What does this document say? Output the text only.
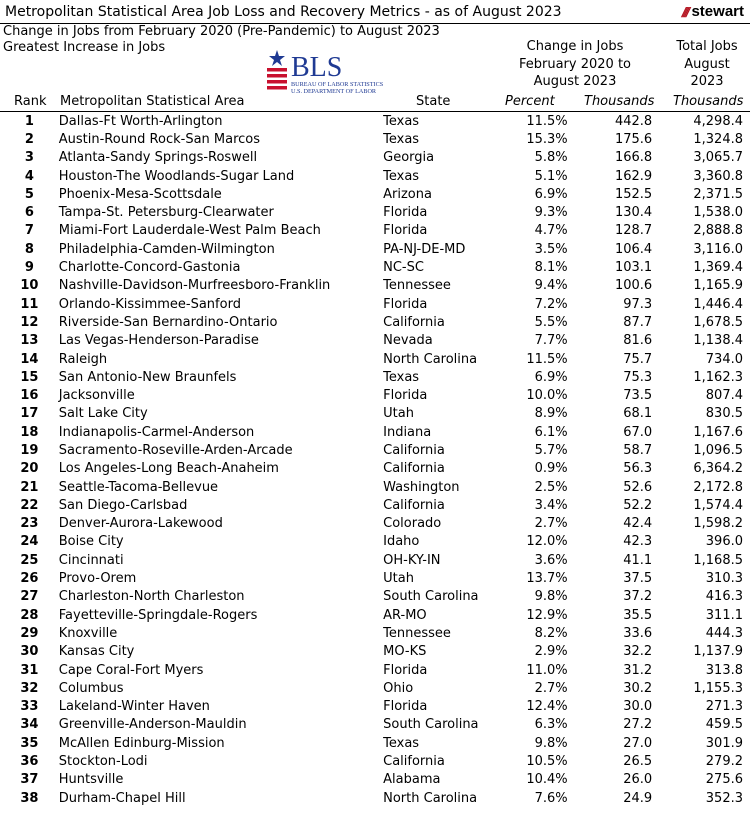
Metropolitan Statistical Area Job Loss and Recovery Metrics - as of August 2023	//// stewart
Change in Jobs from February 2020 (Pre-Pandemic) to August 2023
Greatest Increase in Jobs	Change in Jobs
February 2020 to
August 2023
Total Jobs
August
2023
BLS
BUREAU OF LABOR STATISTICS
U.S. DEPARTMENT OF LABOR
Rank Metropolitan Statistical Area	State	Percent Thousands Thousands
1	Dallas-Ft Worth-Arlington	Texas	11.5%	442.8	4,298.4
2	Austin-Round Rock-San Marcos	Texas	15.3%	175.6	1,324.8
3	Atlanta-Sandy Springs-Roswell	Georgia	5.8%	166.8	3,065.7
4	Houston-The Woodlands-Sugar Land	Texas	5.1%	162.9	3,360.8
5	Phoenix-Mesa-Scottsdale	Arizona	6.9%	152.5	2,371.5
6	Tampa-St. Petersburg-Clearwater	Florida	9.3%	130.4	1,538.0
7	Miami-Fort Lauderdale-West Palm Beach	Florida	4.7%	128.7	2,888.8
8	Philadelphia-Camden-Wilmington	PA-NJ-DE-MD	3.5%	106.4	3,116.0
9	Charlotte-Concord-Gastonia	NC-SC	8.1%	103.1	1,369.4
10	Nashville-Davidson-Murfreesboro-Franklin	Tennessee	9.4%	100.6	1,165.9
11	Orlando-Kissimmee-Sanford	Florida	7.2%	97.3	1,446.4
12	Riverside-San Bernardino-Ontario	California	5.5%	87.7	1,678.5
13	Las Vegas-Henderson-Paradise	Nevada	7.7%	81.6	1,138.4
14	Raleigh	North Carolina	11.5%	75.7	734.0
15	San Antonio-New Braunfels	Texas	6.9%	75.3	1,162.3
16	Jacksonville	Florida	10.0%	73.5	807.4
17	Salt Lake City	Utah	8.9%	68.1	830.5
18	Indianapolis-Carmel-Anderson	Indiana	6.1%	67.0	1,167.6
19	Sacramento-Roseville-Arden-Arcade	California	5.7%	58.7	1,096.5
20	Los Angeles-Long Beach-Anaheim	California	0.9%	56.3	6,364.2
21	Seattle-Tacoma-Bellevue	Washington	2.5%	52.6	2,172.8
22	San Diego-Carlsbad	California	3.4%	52.2	1,574.4
23	Denver-Aurora-Lakewood	Colorado	2.7%	42.4	1,598.2
24	Boise City	Idaho	12.0%	42.3	396.0
25	Cincinnati	OH-KY-IN	3.6%	41.1	1,168.5
26	Provo-Orem	Utah	13.7%	37.5	310.3
27	Charleston-North Charleston	South Carolina	9.8%	37.2	416.3
28	Fayetteville-Springdale-Rogers	AR-MO	12.9%	35.5	311.1
29	Knoxville	Tennessee	8.2%	33.6	444.3
30	Kansas City	MO-KS	2.9%	32.2	1,137.9
31	Cape Coral-Fort Myers	Florida	11.0%	31.2	313.8
32	Columbus	Ohio	2.7%	30.2	1,155.3
33	Lakeland-Winter Haven	Florida	12.4%	30.0	271.3
34	Greenville-Anderson-Mauldin	South Carolina	6.3%	27.2	459.5
35	McAllen Edinburg-Mission	Texas	9.8%	27.0	301.9
36	Stockton-Lodi	California	10.5%	26.5	279.2
37	Huntsville	Alabama	10.4%	26.0	275.6
38	Durham-Chapel Hill	North Carolina	7.6%	24.9	352.3
